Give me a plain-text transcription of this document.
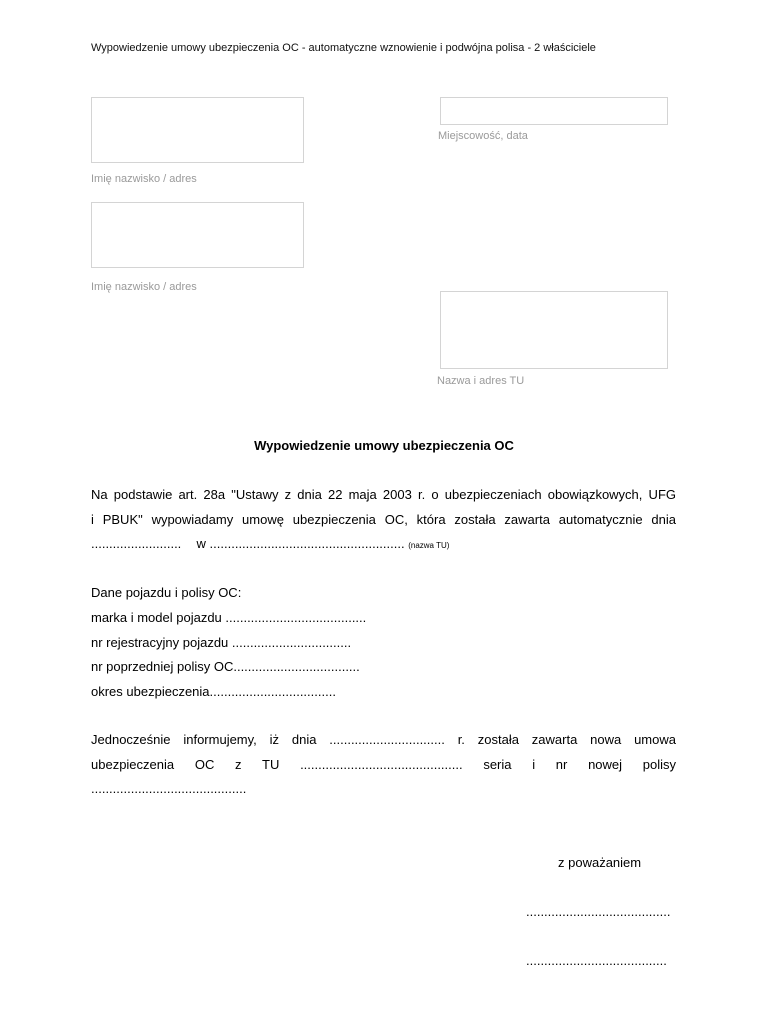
Wypowiedzenie umowy ubezpieczenia OC - automatyczne wznowienie i podwójna polisa - 2 właściciele
Imię nazwisko / adres
Imię nazwisko / adres
Miejscowość, data
Nazwa i adres TU
Wypowiedzenie umowy ubezpieczenia OC
Na podstawie art. 28a "Ustawy z dnia 22 maja 2003 r. o ubezpieczeniach obowiązkowych, UFG
i PBUK" wypowiadamy umowę ubezpieczenia OC, która została zawarta automatycznie dnia
......................... w ...................................................... (nazwa TU)
Dane pojazdu i polisy OC:
marka i model pojazdu .......................................
nr rejestracyjny pojazdu .................................
nr poprzedniej polisy OC...................................
okres ubezpieczenia...................................
Jednocześnie informujemy, iż dnia ................................ r. została zawarta nowa umowa
ubezpieczenia OC z TU ............................................. seria i nr nowej polisy ...........................................
z poważaniem
........................................
.......................................
